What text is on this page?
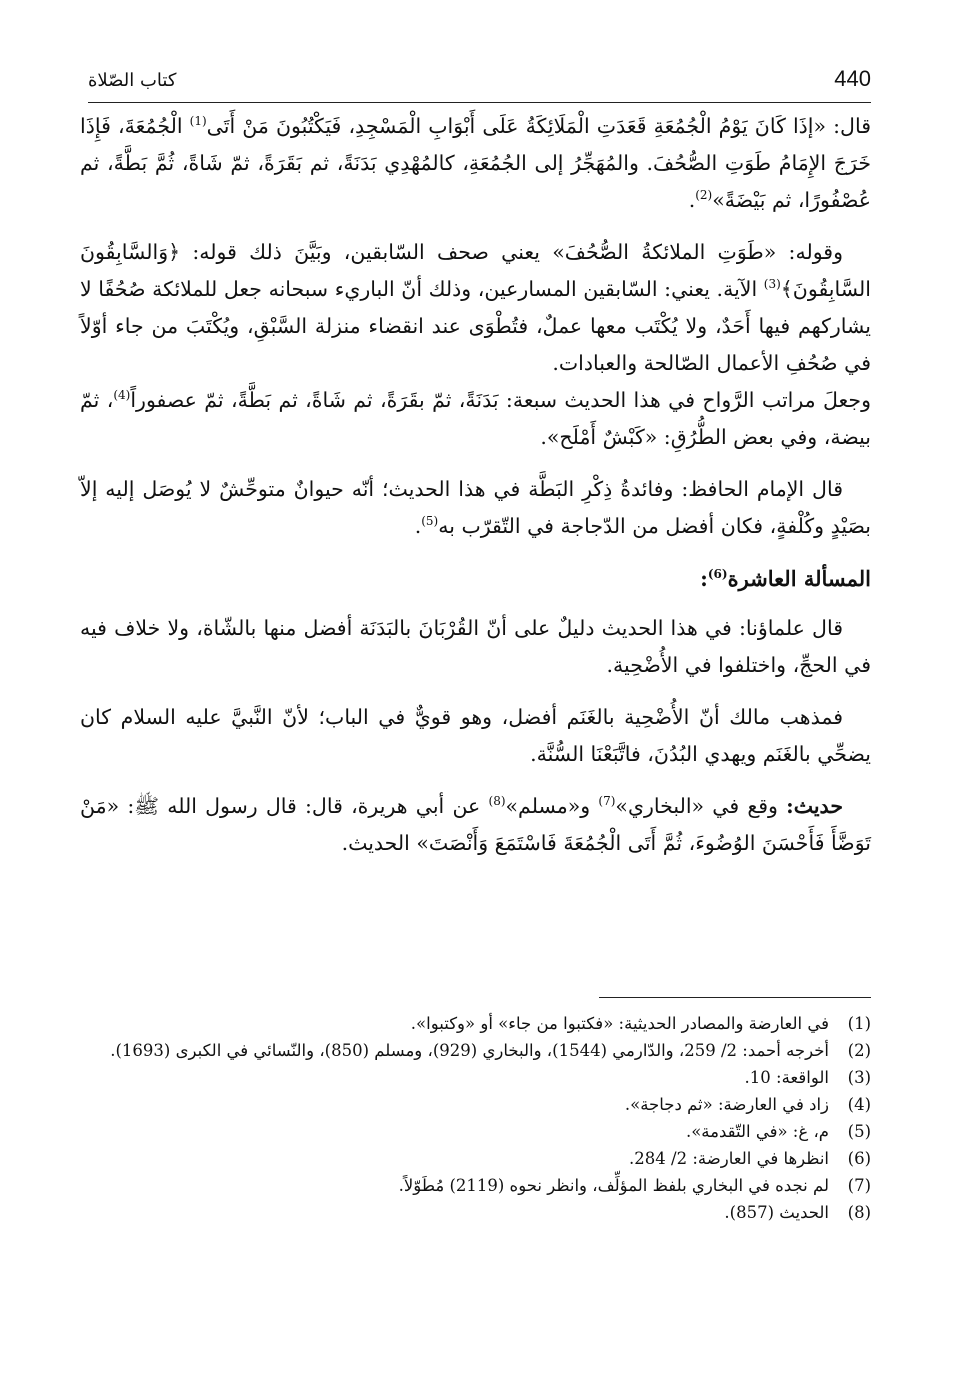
440
كتاب الصّلاة

قال: «إذَا كَانَ يَوْمُ الْجُمُعَةِ قَعَدَتِ الْمَلَائِكَةُ عَلَى أَبْوَابِ الْمَسْجِدِ، فَيَكْتُبُونَ مَنْ أَتَى$^{(1)}$ الْجُمُعَةَ، فَإِذَا خَرَجَ الإِمَامُ طَوَتِ الصُّحُفَ. والمُهَجِّرُ إلى الجُمُعَةِ، كالمُهْدِي بَدَنَةً، ثم بَقَرَةً، ثمّ شَاةً، ثُمَّ بَطَّةً، ثم عُصْفُورًا، ثم بَيْضَةً»$^{(2)}$.

وقوله: «طَوَتِ الملائكةُ الصُّحُفَ» يعني صحف السّابقين، وبَيَّنَ ذلك قوله: ﴿وَالسَّابِقُونَ السَّابِقُونَ﴾$^{(3)}$ الآية. يعني: السّابقين المسارعين، وذلك أنّ الباريء سبحانه جعل للملائكة صُحُفًا لا يشاركهم فيها أَحَدٌ، ولا يُكْتَب معها عملٌ، فتُطْوَى عند انقضاء منزلة السَّبْقِ، ويُكْتَبَ من جاء أوّلاً في صُحُفِ الأعمال الصّالحة والعبادات.

وجعلَ مراتب الرَّواح في هذا الحديث سبعة: بَدَنَةً، ثمّ بقَرَةً، ثم شَاةً، ثم بَطَّةً، ثمّ عصفوراً$^{(4)}$، ثمّ بيضة، وفي بعض الطُّرُقِ: «كَبْشٌ أَمْلَح».

قال الإمام الحافظ: وفائدةُ ذِكْرِ البَطَّة في هذا الحديث؛ أنّه حيوانٌ متوحِّشٌ لا يُوصَل إليه إلاّ بصَيْدٍ وكُلْفةٍ، فكان أفضل من الدّجاجة في التّقرّب به$^{(5)}$.

المسألة العاشرة$^{(6)}$:

قال علماؤنا: في هذا الحديث دليلٌ على أنّ القُرْبَانَ بالبَدَنَة أفضل منها بالشّاة، ولا خلاف فيه في الحجِّ، واختلفوا في الأُضْحِية.

فمذهب مالك أنّ الأُضْحِية بالغَنَم أفضل، وهو قويٌّ في الباب؛ لأنّ النَّبيَّ عليه السلام كان يضحِّي بالغَنَم ويهدي البُدُنَ، فاتَّبَعْنَا السُّنَّة.

حديث: وقع في «البخاري»$^{(7)}$ و«مسلم»$^{(8)}$ عن أبي هريرة، قال: قال رسول الله ﷺ: «مَنْ تَوَضَّأَ فَأَحْسَنَ الوُضُوءَ، ثُمَّ أَتَى الْجُمُعَةَ فَاسْتَمَعَ وَأَنْصَتَ» الحديث.

(1)
في العارضة والمصادر الحديثية: «فكتبوا من جاء» أو «وكتبوا».
(2)
أخرجه أحمد: 2/ 259، والدّارمي (1544)، والبخاري (929)، ومسلم (850)، والنّسائي في الكبرى (1693).
(3)
الواقعة: 10.
(4)
زاد في العارضة: «ثم دجاجة».
(5)
م، غ: «في التّقدمة».
(6)
انظرها في العارضة: 2/ 284.
(7)
لم نجده في البخاري بلفظ المؤلِّف، وانظر نحوه (2119) مُطَوّلاً.
(8)
الحديث (857).
